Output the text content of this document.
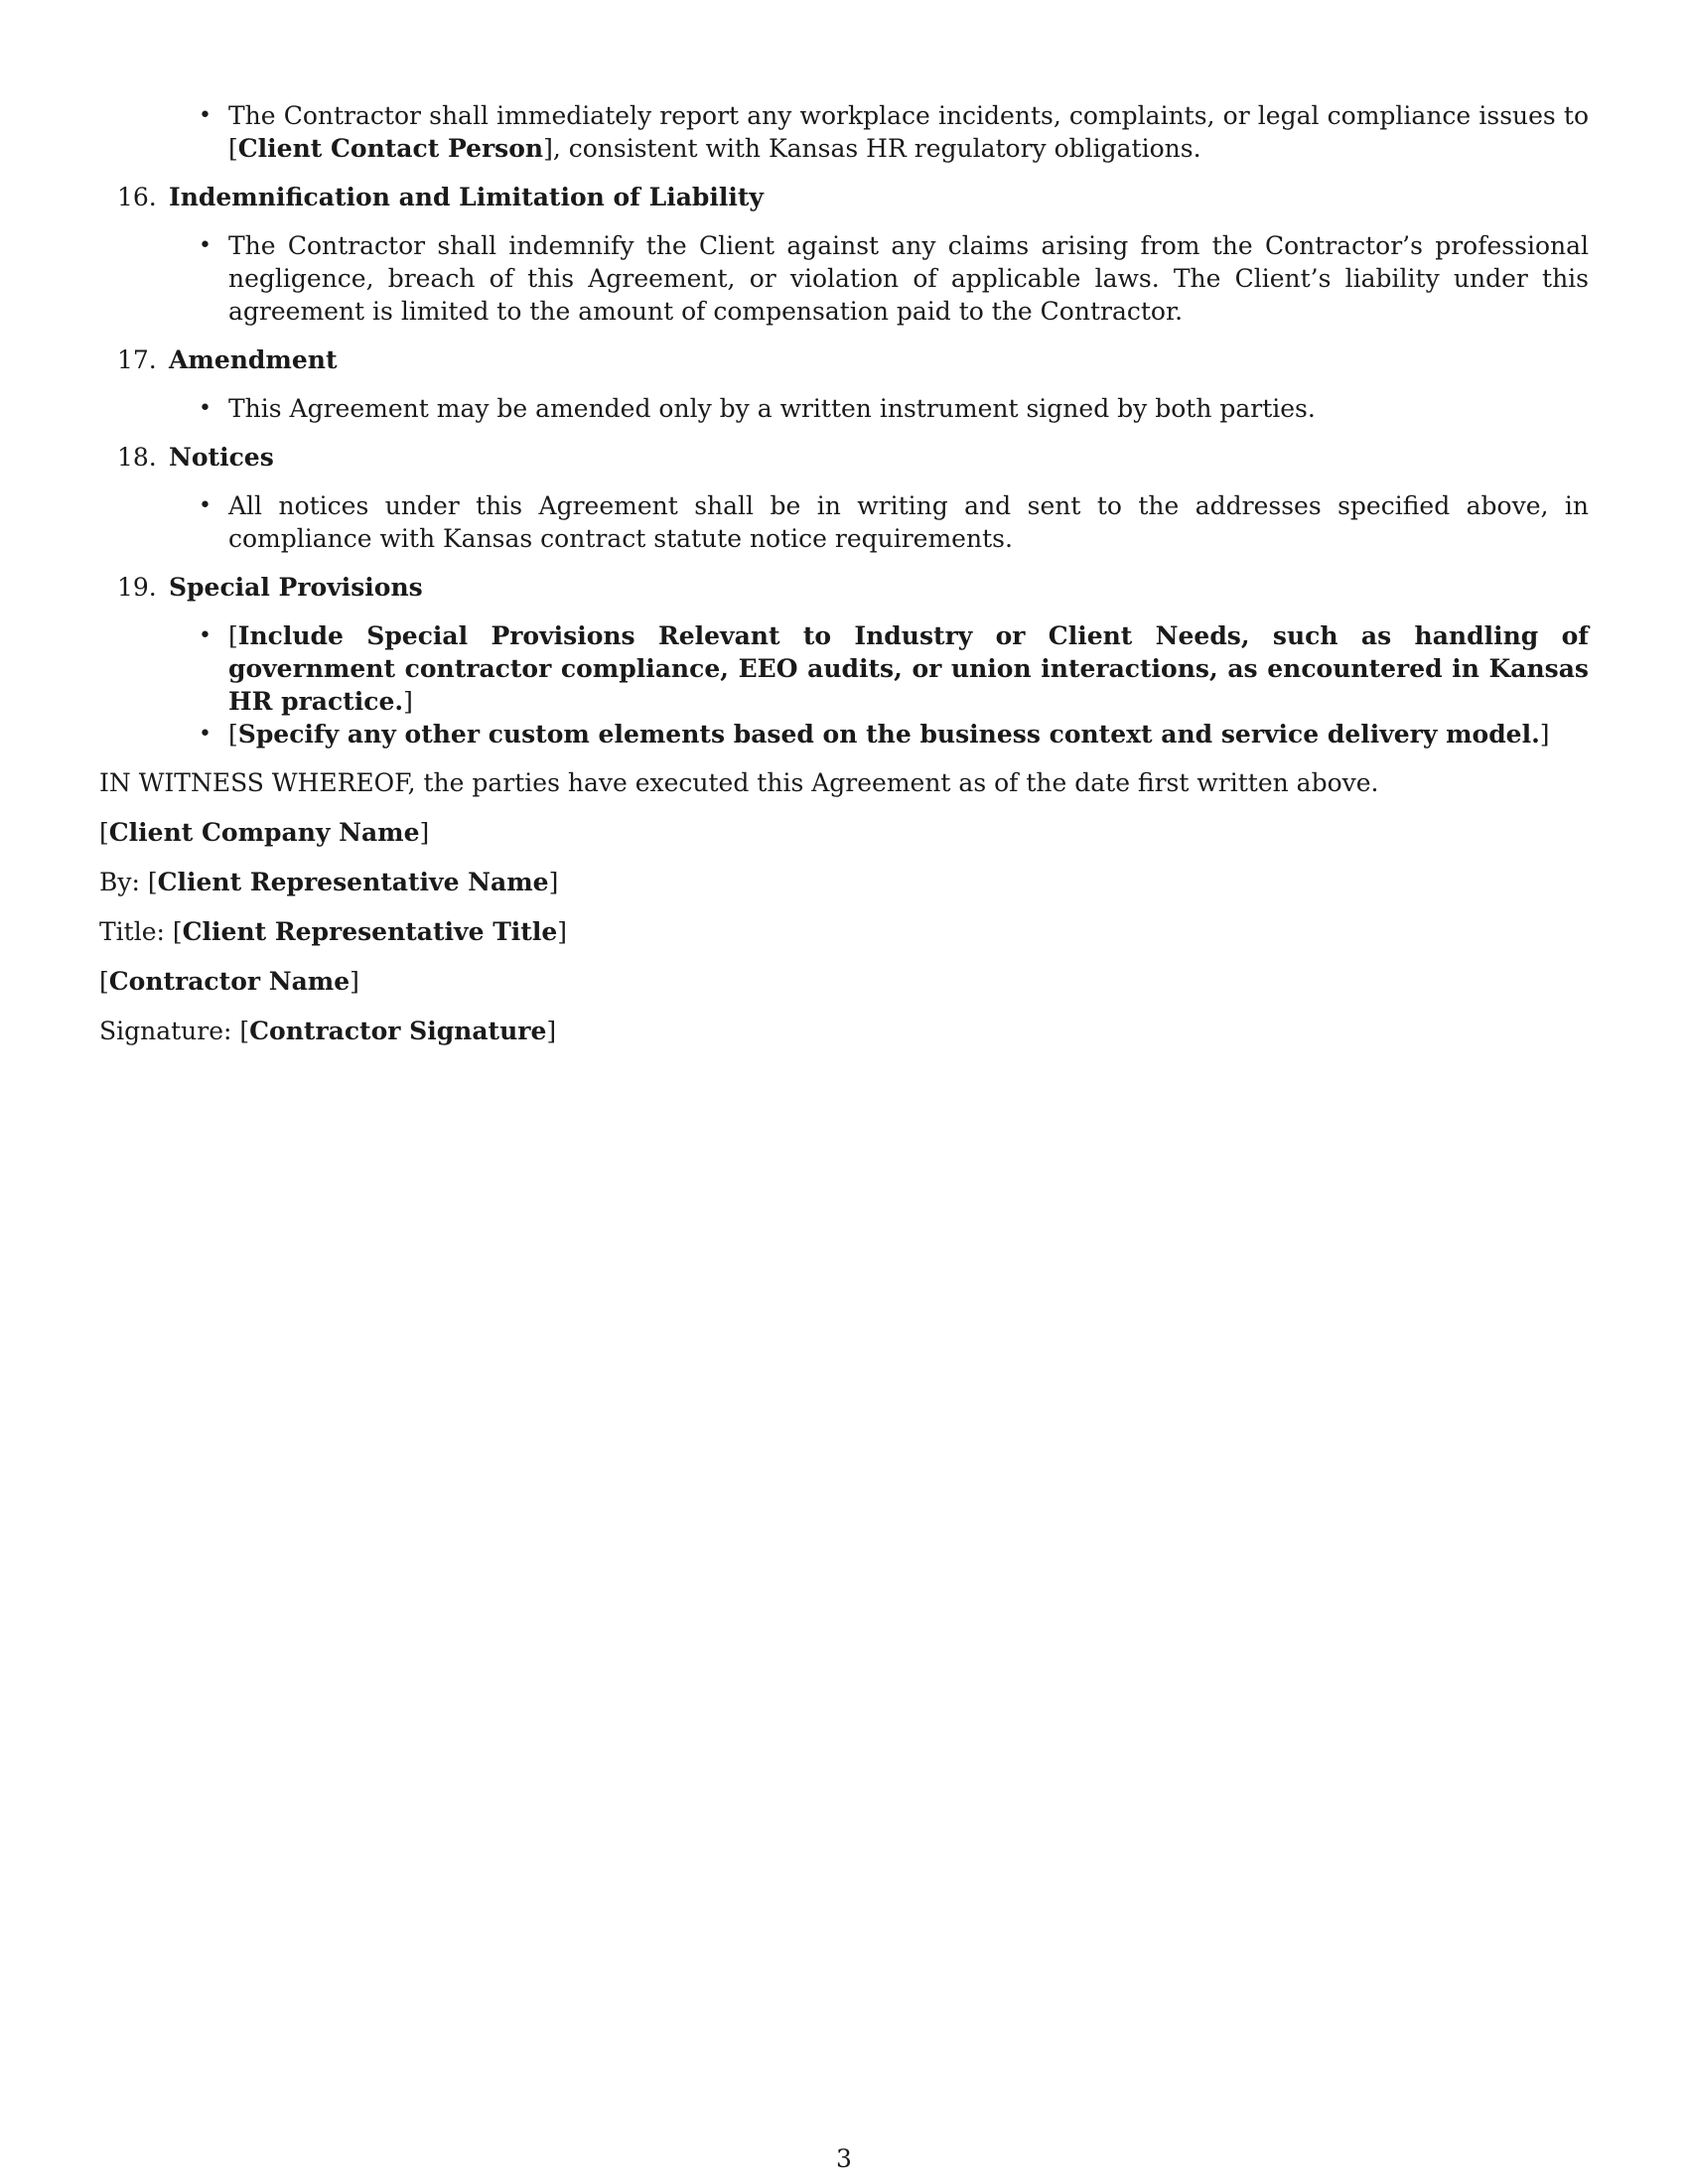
• The Contractor shall immediately report any workplace incidents, complaints, or legal compliance issues to [Client Contact Person], consistent with Kansas HR regulatory obligations.
16. Indemnification and Limitation of Liability
• The Contractor shall indemnify the Client against any claims arising from the Contractor’s professional negligence, breach of this Agreement, or violation of applicable laws. The Client’s liability under this agreement is limited to the amount of compensation paid to the Contractor.
17. Amendment
• This Agreement may be amended only by a written instrument signed by both parties.
18. Notices
• All notices under this Agreement shall be in writing and sent to the addresses specified above, in compliance with Kansas contract statute notice requirements.
19. Special Provisions
• [Include Special Provisions Relevant to Industry or Client Needs, such as handling of government contractor compliance, EEO audits, or union interactions, as encountered in Kansas HR practice.]
• [Specify any other custom elements based on the business context and service delivery model.]

IN WITNESS WHEREOF, the parties have executed this Agreement as of the date first written above.

[Client Company Name]
By: [Client Representative Name]
Title: [Client Representative Title]
[Contractor Name]
Signature: [Contractor Signature]
3
